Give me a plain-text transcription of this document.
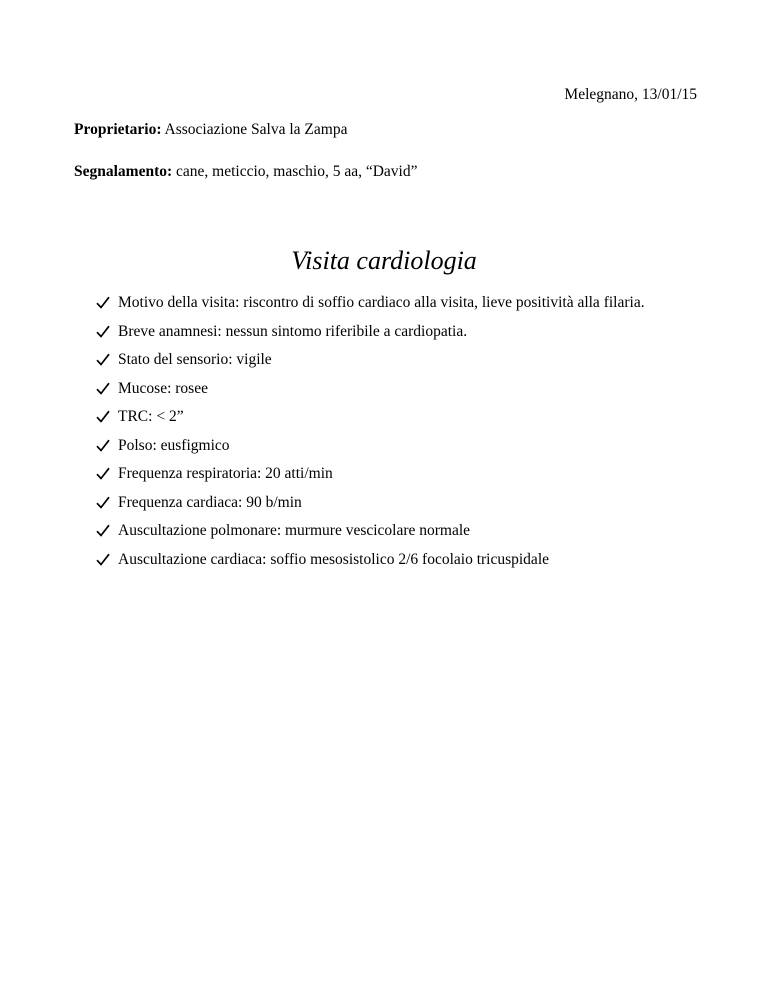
Melegnano, 13/01/15
Proprietario: Associazione Salva la Zampa
Segnalamento: cane, meticcio, maschio, 5 aa, “David”
Visita cardiologia
Motivo della visita: riscontro di soffio cardiaco alla visita, lieve positività alla filaria.
Breve anamnesi: nessun sintomo riferibile a cardiopatia.
Stato del sensorio: vigile
Mucose: rosee
TRC: < 2”
Polso: eusfigmico
Frequenza respiratoria: 20 atti/min
Frequenza cardiaca: 90 b/min
Auscultazione polmonare: murmure vescicolare normale
Auscultazione cardiaca: soffio mesosistolico 2/6 focolaio tricuspidale
